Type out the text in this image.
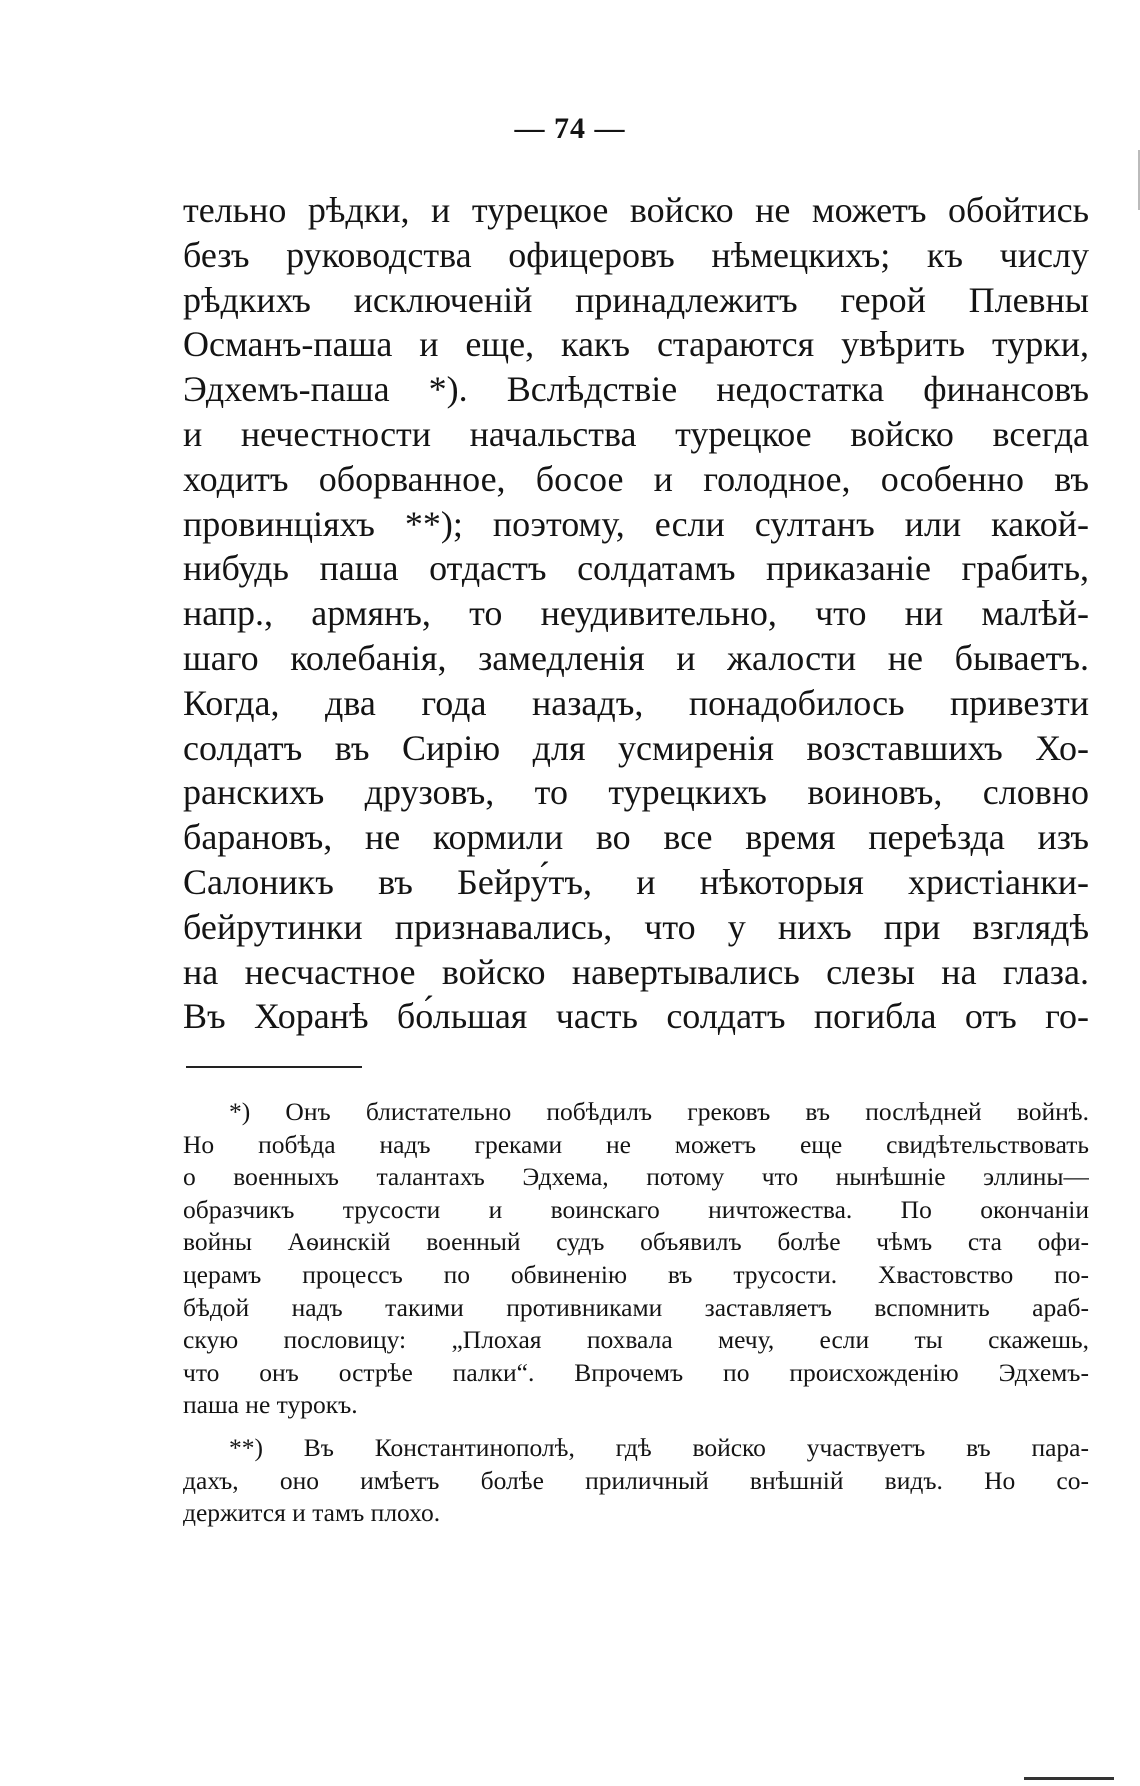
— 74 —
тельно рѣдки, и турецкое войско не можетъ обойтись
безъ руководства офицеровъ нѣмецкихъ; къ числу
рѣдкихъ исключеній принадлежитъ герой Плевны
Османъ-паша и еще, какъ стараются увѣрить турки,
Эдхемъ-паша *). Вслѣдствіе недостатка финансовъ
и нечестности начальства турецкое войско всегда
ходитъ оборванное, босое и голодное, особенно въ
провинціяхъ **); поэтому, если султанъ или какой-
нибудь паша отдастъ солдатамъ приказаніе грабить,
напр., армянъ, то неудивительно, что ни малѣй-
шаго колебанія, замедленія и жалости не бываетъ.
Когда, два года назадъ, понадобилось привезти
солдатъ въ Сирію для усмиренія возставшихъ Хо-
ранскихъ друзовъ, то турецкихъ воиновъ, словно
барановъ, не кормили во все время переѣзда изъ
Салоникъ въ Бейру́тъ, и нѣкоторыя христіанки-
бейрутинки признавались, что у нихъ при взглядѣ
на несчастное войско навертывались слезы на глаза.
Въ Хоранѣ бо́льшая часть солдатъ погибла отъ го-
*) Онъ блистательно побѣдилъ грековъ въ послѣдней войнѣ.
Но побѣда надъ греками не можетъ еще свидѣтельствовать
о военныхъ талантахъ Эдхема, потому что нынѣшніе эллины—
образчикъ трусости и воинскаго ничтожества. По окончаніи
войны Аѳинскій военный судъ объявилъ болѣе чѣмъ ста офи-
церамъ процессъ по обвиненію въ трусости. Хвастовство по-
бѣдой надъ такими противниками заставляетъ вспомнить араб-
скую пословицу: „Плохая похвала мечу, если ты скажешь,
что онъ острѣе палки“. Впрочемъ по происхожденію Эдхемъ-
паша не турокъ.
**) Въ Константинополѣ, гдѣ войско участвуетъ въ пара-
дахъ, оно имѣетъ болѣе приличный внѣшній видъ. Но со-
держится и тамъ плохо.
